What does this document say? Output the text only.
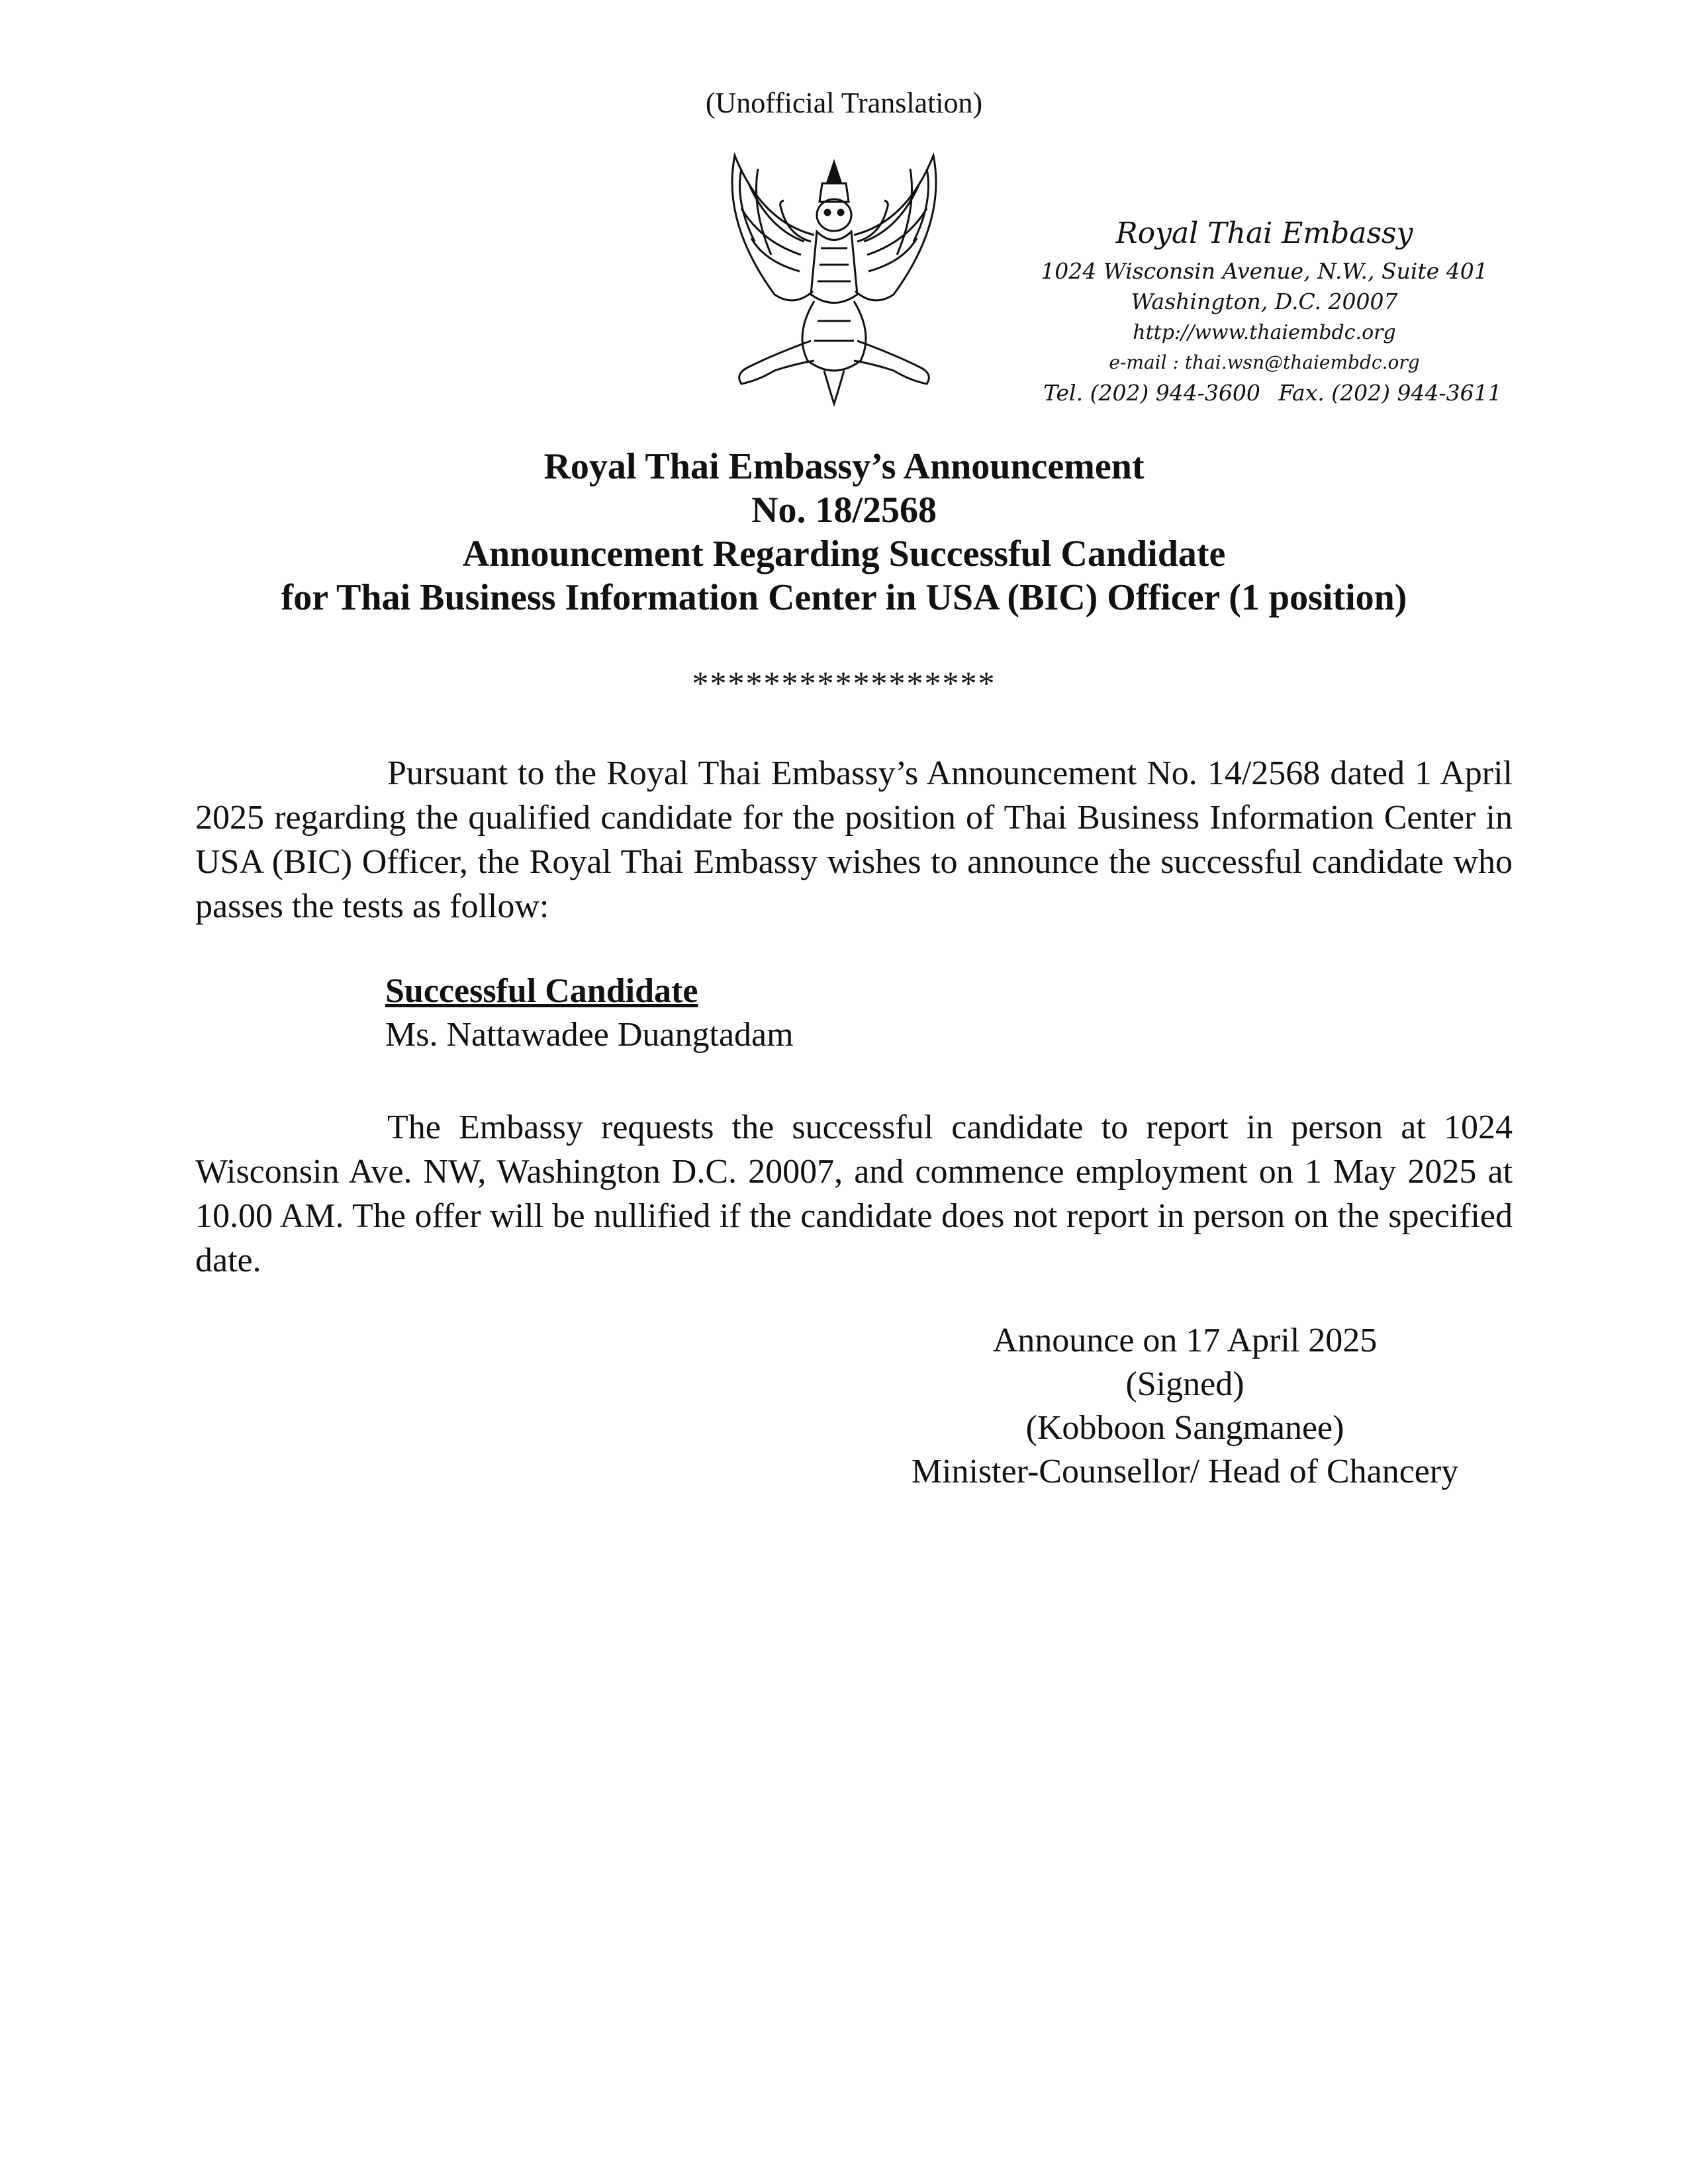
(Unofficial Translation)
Royal Thai Embassy
1024 Wisconsin Avenue, N.W., Suite 401
Washington, D.C. 20007
http://www.thaiembdc.org
e-mail : thai.wsn@thaiembdc.org
Tel. (202) 944-3600 Fax. (202) 944-3611
Royal Thai Embassy’s Announcement
No. 18/2568
Announcement Regarding Successful Candidate
for Thai Business Information Center in USA (BIC) Officer (1 position)
*****************
Pursuant to the Royal Thai Embassy’s Announcement No. 14/2568 dated 1 April 2025 regarding the qualified candidate for the position of Thai Business Information Center in USA (BIC) Officer, the Royal Thai Embassy wishes to announce the successful candidate who passes the tests as follow:
Successful Candidate
Ms. Nattawadee Duangtadam
The Embassy requests the successful candidate to report in person at 1024 Wisconsin Ave. NW, Washington D.C. 20007, and commence employment on 1 May 2025 at 10.00 AM. The offer will be nullified if the candidate does not report in person on the specified date.
Announce on 17 April 2025
(Signed)
(Kobboon Sangmanee)
Minister-Counsellor/ Head of Chancery
